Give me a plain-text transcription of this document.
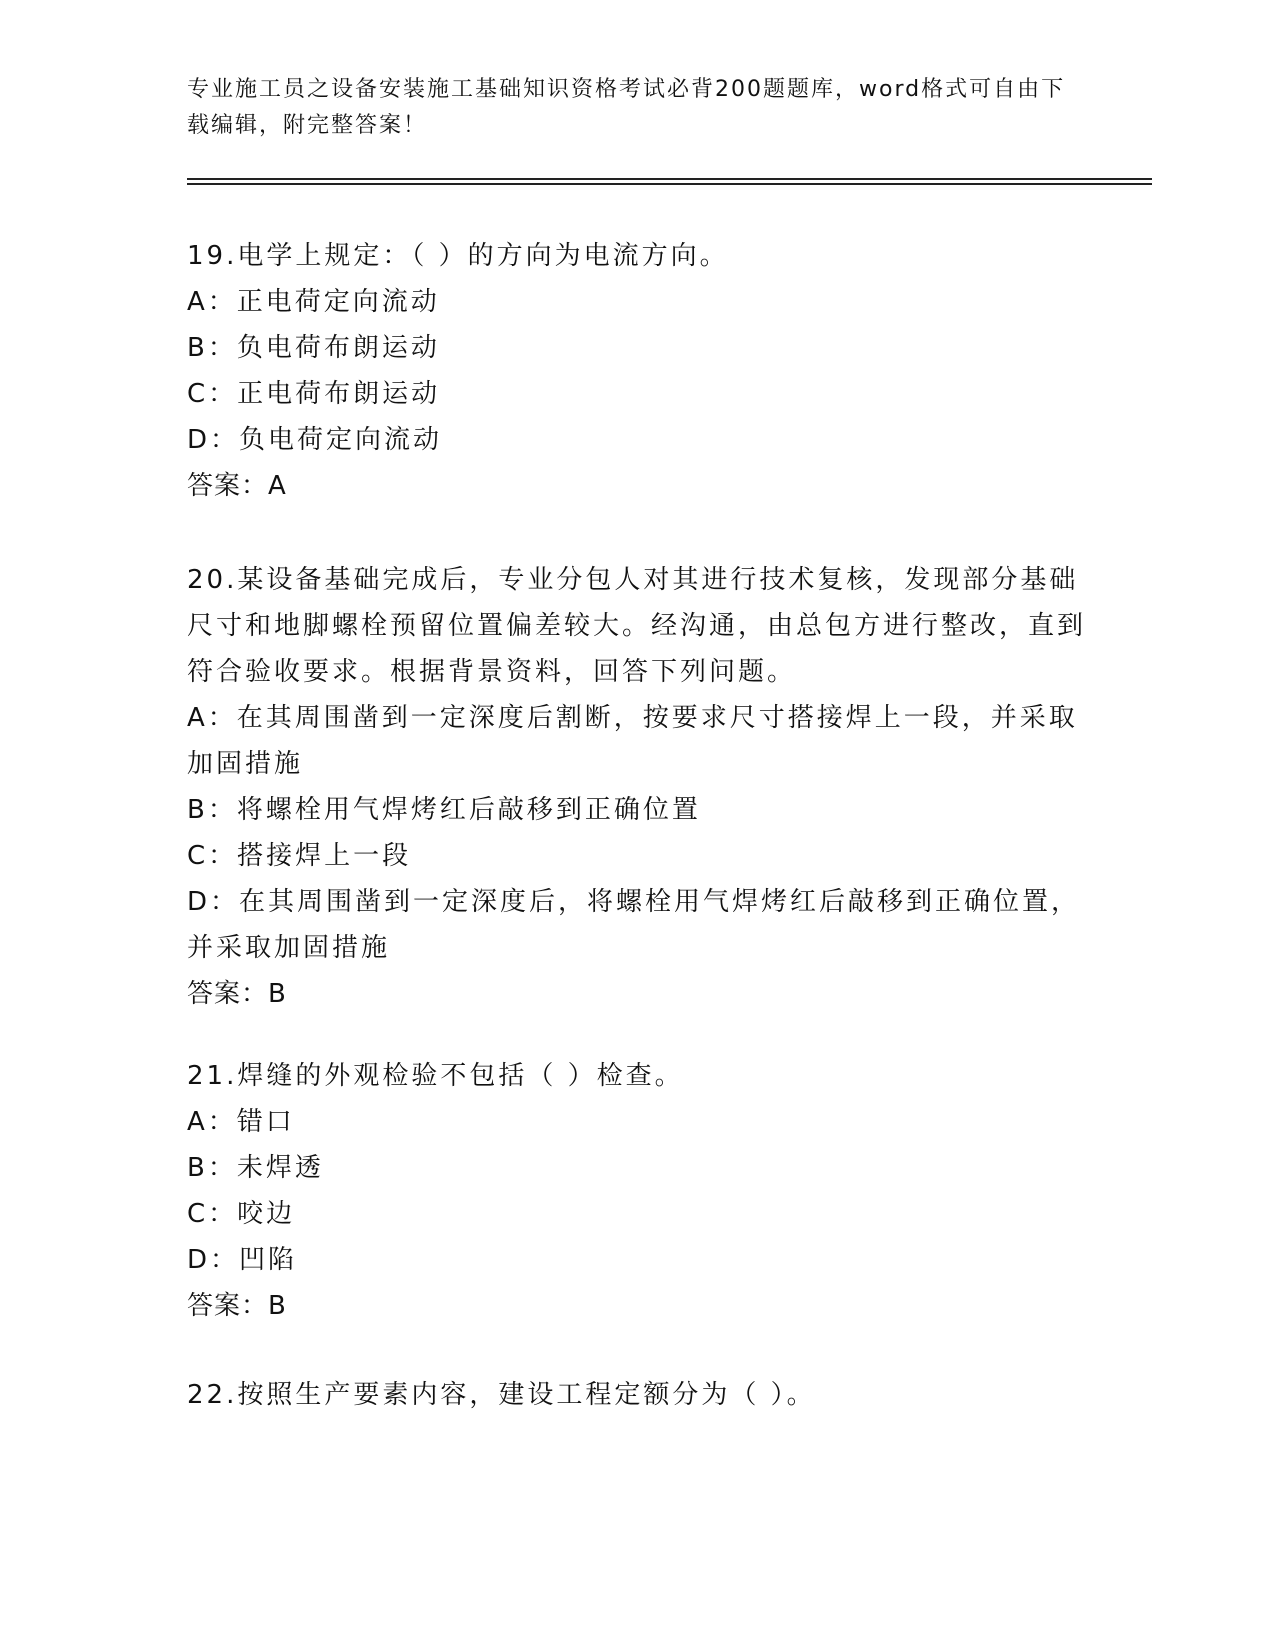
专业施工员之设备安装施工基础知识资格考试必背200题题库，word格式可自由下载编辑，附完整答案！
19.电学上规定：（ ）的方向为电流方向。
A：正电荷定向流动
B：负电荷布朗运动
C：正电荷布朗运动
D：负电荷定向流动
答案：A
20.某设备基础完成后，专业分包人对其进行技术复核，发现部分基础尺寸和地脚螺栓预留位置偏差较大。经沟通，由总包方进行整改，直到符合验收要求。根据背景资料，回答下列问题。
A：在其周围凿到一定深度后割断，按要求尺寸搭接焊上一段，并采取加固措施
B：将螺栓用气焊烤红后敲移到正确位置
C：搭接焊上一段
D：在其周围凿到一定深度后，将螺栓用气焊烤红后敲移到正确位置，并采取加固措施
答案：B
21.焊缝的外观检验不包括（ ）检查。
A：错口
B：未焊透
C：咬边
D：凹陷
答案：B
22.按照生产要素内容，建设工程定额分为（ ）。
